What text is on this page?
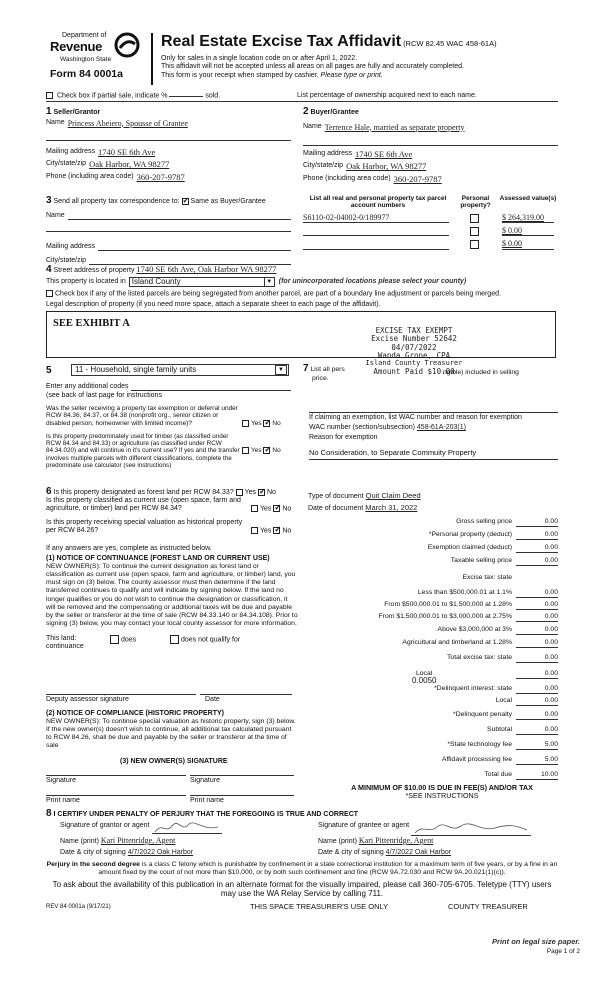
Department of
Revenue
Washington State
Form 84 0001a
Real Estate Excise Tax Affidavit (RCW 82.45 WAC 458-61A)
Only for sales in a single location code on or after April 1, 2022.
This affidavit will not be accepted unless all areas on all pages are fully and accurately completed.
This form is your receipt when stamped by cashier. Please type or print.
Check box if partial sale, indicate %	sold.	List percentage of ownership acquired next to each name.
1 Seller/Grantor
Name Princess Abeiero, Spousse of Grantee
Mailing address 1740 SE 6th Ave
City/state/zip Oak Harbor, WA 98277
Phone (including area code) 360-207-9787
2 Buyer/Grantee
Name Terrence Hale, married as separate property
Mailing address 1740 SE 6th Ave
City/state/zip Oak Harbor, WA 98277
Phone (including area code) 360-207-9787
3 Send all property tax correspondence to: ✓ Same as Buyer/Grantee
Name
Mailing address
City/state/zip
List all real and personal property tax parcel account numbers
Personal property?
Assessed value(s)
S6110-02-04002-0/189977	$ 264,319.00
$ 0.00
$ 0.00
4 Street address of property 1740 SE 6th Ave, Oak Harbor WA 98277
This property is located in Island County	▼ (for unincorporated locations please select your county)
Check box if any of the listed parcels are being segregated from another parcel, are part of a boundary line adjustment or parcels being merged.
Legal description of property (if you need more space, attach a separate sheet to each page of the affidavit).
SEE EXHIBIT A
EXCISE TAX EXEMPT
Excise Number 52642
04/07/2022
Wanda Grone, CPA
Island County Treasurer
Amount Paid $10.00
5	11 - Household, single family units	▼
Enter any additional codes
(see back of last page for instructions
Was the seller receiving a property tax exemption or deferral under RCW 84.36, 84.37, or 84.38 (nonprofit org., senior citizen or disabled person, homeowner with limited income)?	Yes ✓ No
Is this property predominately used for timber (as classified under RCW 84.34 and 84.33) or agriculture (as classified under RCW 84.34.020) and will continue in it's current use? If yes and the transfer involves multiple parcels with different classifications, complete the predominate use calculator (see instructions)
Yes ✓ No
7 List all pers	ngible) included in selling
price.
If claiming an exemption, list WAC number and reason for exemption
WAC number (section/subsection) 458-61A-203(1)
Reason for exemption
No Consideration, to Separate Commuity Property
6 Is this property designated as forest land per RCW 84.33? Yes ✓ No
Is this property classified as current use (open space, farm and agriculture, or timber) land per RCW 84.34?	Yes ✓ No
Is this property receiving special valuation as historical property per RCW 84.26?	Yes ✓ No
If any answers are yes, complete as instructed below.
(1) NOTICE OF CONTINUANCE (FOREST LAND OR CURRENT USE)
NEW OWNER(S): To continue the current designation as forest land or classification as current use (open space, farm and agriculture, or timber) land, you must sign on (3) below. The county assessor must then determine if the land transferred continues to qualify and will indicate by signing below. If the land no longer qualifies or you do not wish to continue the designation or classification, it will be removed and the compensating or additional taxes will be due and payable by the seller or transferor at the time of sale (RCW 84.33.140 or 84.34.108). Prior to signing (3) below, you may contact your local county assessor for more information.
This land:
continuance
does	does not qualify for
Deputy assessor signature	Date
(2) NOTICE OF COMPLIANCE (HISTORIC PROPERTY)
NEW OWNER(S): To continue special valuation as historic property, sign (3) below. If the new owner(s) doesn't wish to continue, all additional tax calculated pursuant to RCW 84.26, shall be due and payable by the seller or transferor at the time of sale
(3) NEW OWNER(S) SIGNATURE
Signature	Signature
Print name	Print name
Type of document Quit Claim Deed
Date of document March 31, 2022
Gross selling price	0.00
*Personal property (deduct)	0.00
Exemption claimed (deduct)	0.00
Taxable selling price	0.00
Excise tax: state
Less than $500,000.01 at 1.1%	0.00
From $500,000.01 to $1,500,000 at 1.28%	0.00
From $1,500,000.01 to $3,000,000 at 2.75%	0.00
Above $3,000,000 at 3%	0.00
Agricultural and timberland at 1.28%	0.00
Total excise tax: state	0.00
Local	0.00
*Delinquent interest: state	0.00
Local	0.00
*Delinquent penalty	0.00
Subtotal	0.00
*State technology fee	5.00
Affidavit processing fee	5.00
Total due	10.00
0.0050
A MINIMUM OF $10.00 IS DUE IN FEE(S) AND/OR TAX
*SEE INSTRUCTIONS
8 I CERTIFY UNDER PENALTY OF PERJURY THAT THE FOREGOING IS TRUE AND CORRECT
Signature of grantor or agent
Name (print) Kari Pittenridge, Agent
Date & city of signing 4/7/2022 Oak Harbor
Signature of grantee or agent
Name (print) Kari Pittenridge, Agent
Date & city of signing 4/7/2022 Oak Harbor
Perjury in the second degree is a class C felony which is punishable by confinement in a state correctional institution for a maximum term of five years, or by a fine in an amount fixed by the court of not more than $10,000, or by both such confinement and fine (RCW 9A.72.030 and RCW 9A.20.021(1)(c)).
To ask about the availability of this publication in an alternate format for the visually impaired, please call 360-705-6705. Teletype (TTY) users may use the WA Relay Service by calling 711.
REV 84 0001a (9/17/21)	THIS SPACE TREASURER'S USE ONLY	COUNTY TREASURER
Print on legal size paper.
Page 1 of 2
